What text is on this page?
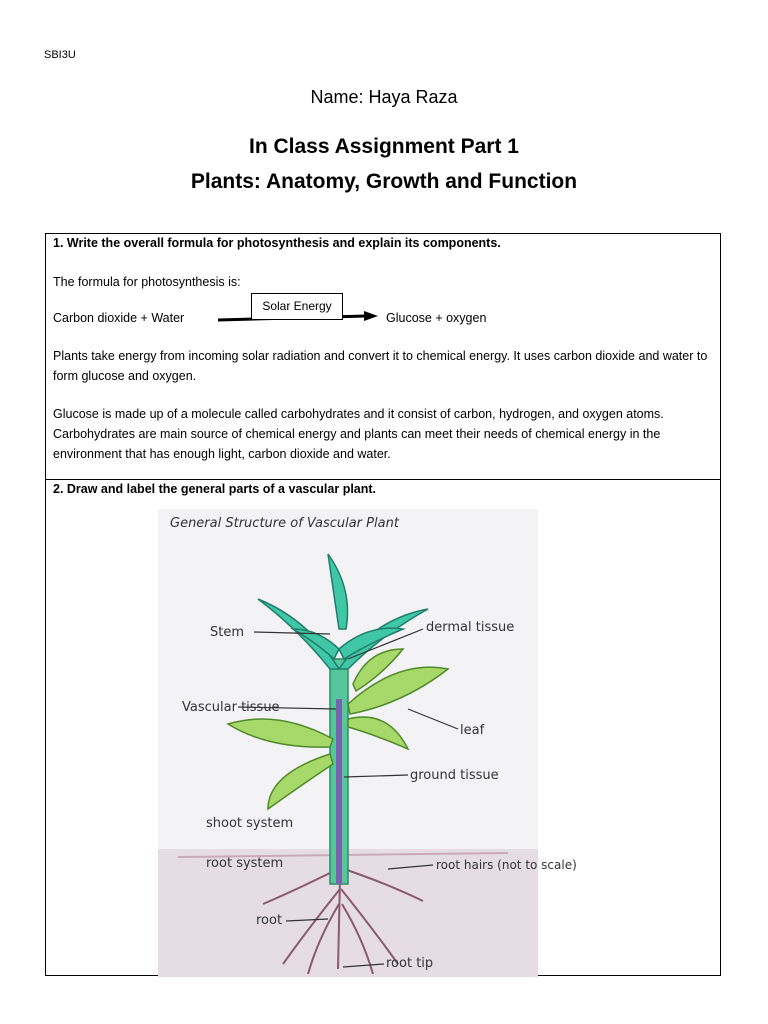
SBI3U
Name: Haya Raza
In Class Assignment Part 1
Plants: Anatomy, Growth and Function
1. Write the overall formula for photosynthesis and explain its components.
The formula for photosynthesis is:
Carbon dioxide + Water
Solar Energy
Glucose + oxygen
Plants take energy from incoming solar radiation and convert it to chemical energy. It uses carbon dioxide and water to form glucose and oxygen.
Glucose is made up of a molecule called carbohydrates and it consist of carbon, hydrogen, and oxygen atoms. Carbohydrates are main source of chemical energy and plants can meet their needs of chemical energy in the environment that has enough light, carbon dioxide and water.
2. Draw and label the general parts of a vascular plant.
General Structure of Vascular Plant
Stem	dermal tissue
Vascular tissue
leaf
ground tissue
shoot system
root system	root hairs (not to scale)
root
root tip
